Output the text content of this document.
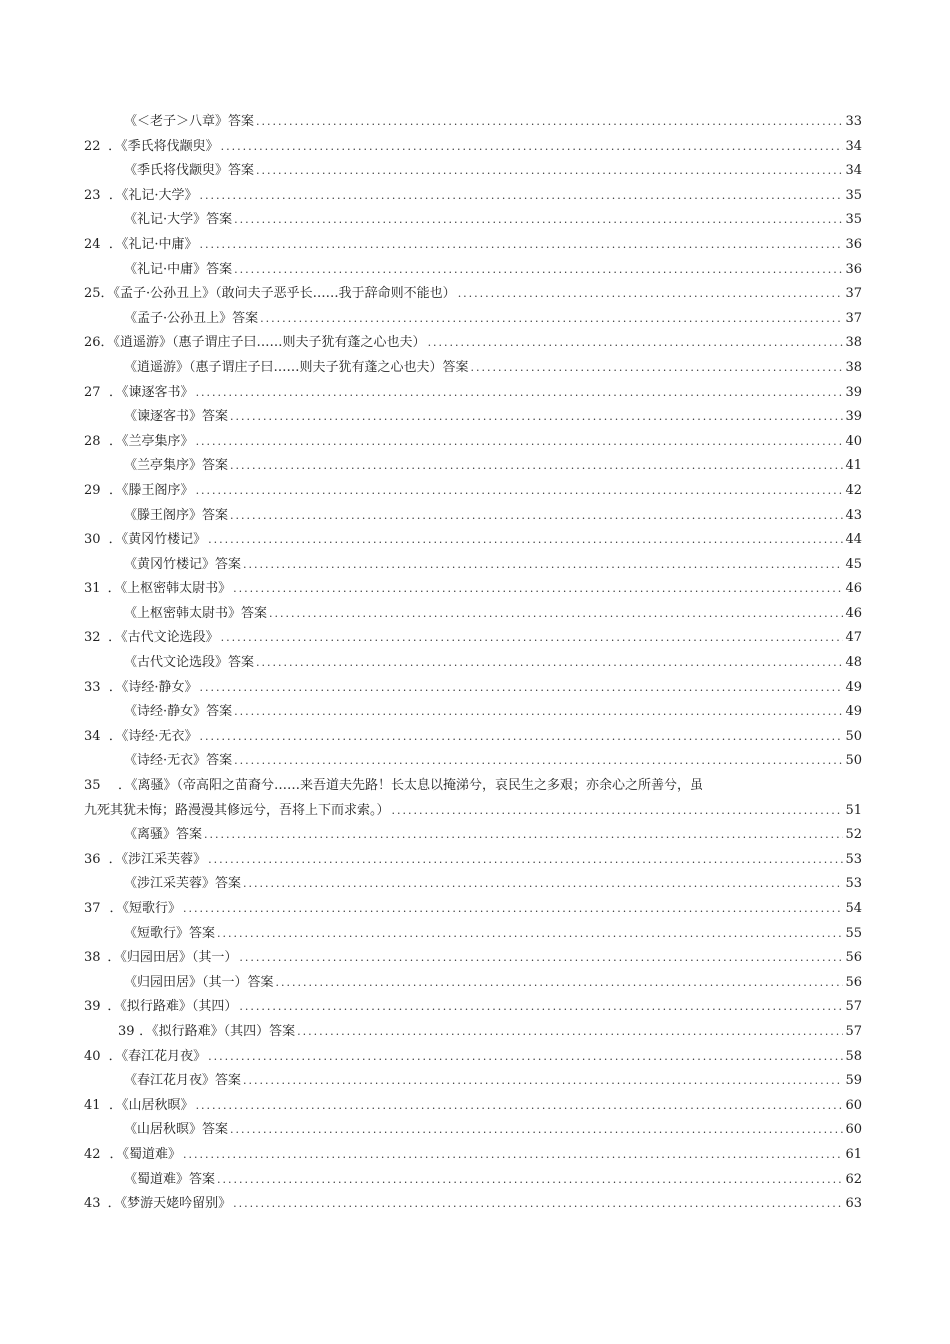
《＜老子＞八章》答案 .....	33
22 ．《季氏将伐颛臾》 .....	34
《季氏将伐颛臾》答案 .....	34
23 ．《礼记·大学》 .....	35
《礼记·大学》答案 .....	35
24 ．《礼记·中庸》 .....	36
《礼记·中庸》答案 .....	36
25 ．《孟子·公孙丑上》（敢问夫子恶乎长……我于辞命则不能也） .....	37
《孟子·公孙丑上》答案 .....	37
26 ．《逍遥游》（惠子谓庄子曰……则夫子犹有蓬之心也夫） .....	38
《逍遥游》（惠子谓庄子曰……则夫子犹有蓬之心也夫）答案 .....	38
27 ．《谏逐客书》 .....	39
《谏逐客书》答案 .....	39
28 ．《兰亭集序》 .....	40
《兰亭集序》答案 .....	41
29 ．《滕王阁序》 .....	42
《滕王阁序》答案 .....	43
30 ．《黄冈竹楼记》 .....	44
《黄冈竹楼记》答案 .....	45
31 ．《上枢密韩太尉书》 .....	46
《上枢密韩太尉书》答案 .....	46
32 ．《古代文论选段》 .....	47
《古代文论选段》答案 .....	48
33 ．《诗经·静女》 .....	49
《诗经·静女》答案 .....	49
34 ．《诗经·无衣》 .....	50
《诗经·无衣》答案 .....	50
35	．《离骚》（帝高阳之苗裔兮……来吾道夫先路！长太息以掩涕兮，哀民生之多艰；亦余心之所善兮，虽
九死其犹未悔；路漫漫其修远兮，吾将上下而求索。） .....	51
《离骚》答案 .....	52
36 ．《涉江采芙蓉》 .....	53
《涉江采芙蓉》答案 .....	53
37 ．《短歌行》 .....	54
《短歌行》答案 .....	55
38 ．《归园田居》（其一） .....	56
《归园田居》（其一）答案 .....	56
39 ．《拟行路难》（其四） .....	57
39 ．《拟行路难》（其四）答案 .....	57
40 ．《春江花月夜》 .....	58
《春江花月夜》答案 .....	59
41 ．《山居秋暝》 .....	60
《山居秋暝》答案 .....	60
42 ．《蜀道难》 .....	61
《蜀道难》答案 .....	62
43 ．《梦游天姥吟留别》 .....	63
